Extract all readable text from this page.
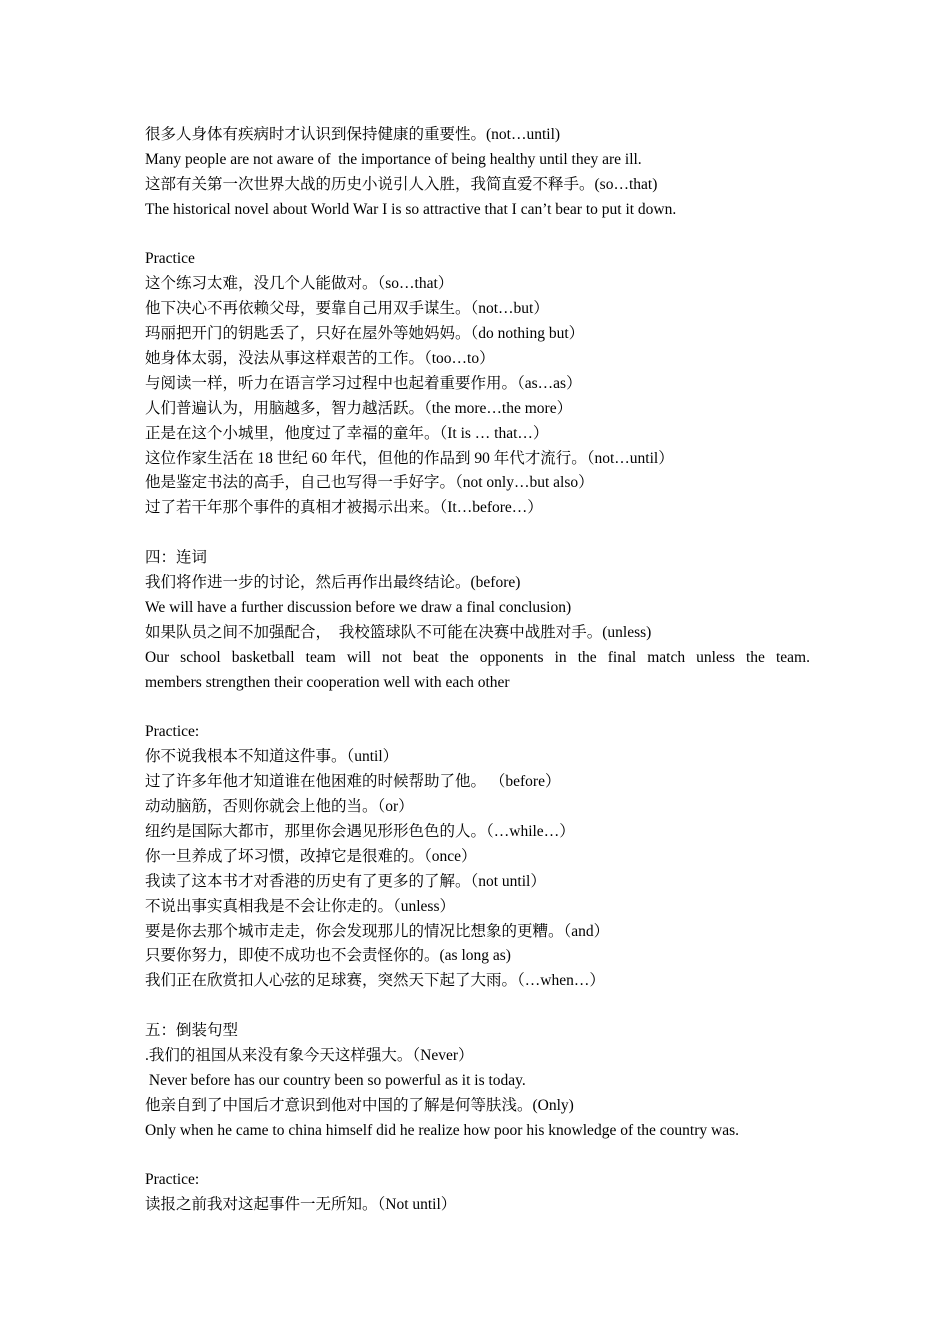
很多人身体有疾病时才认识到保持健康的重要性。(not…until)
Many people are not aware of  the importance of being healthy until they are ill.
这部有关第一次世界大战的历史小说引人入胜，我简直爱不释手。(so…that)
The historical novel about World War I is so attractive that I can’t bear to put it down.
Practice
这个练习太难，没几个人能做对。（so…that）
他下决心不再依赖父母，要靠自己用双手谋生。（not…but）
玛丽把开门的钥匙丢了，只好在屋外等她妈妈。（do nothing but）
她身体太弱，没法从事这样艰苦的工作。（too…to）
与阅读一样，听力在语言学习过程中也起着重要作用。（as…as）
人们普遍认为，用脑越多，智力越活跃。（the more…the more）
正是在这个小城里，他度过了幸福的童年。（It is … that…）
这位作家生活在 18 世纪 60 年代，但他的作品到 90 年代才流行。（not…until）
他是鉴定书法的高手，自己也写得一手好字。（not only…but also）
过了若干年那个事件的真相才被揭示出来。（It…before…）
四：连词
我们将作进一步的讨论，然后再作出最终结论。(before)
We will have a further discussion before we draw a final conclusion)
如果队员之间不加强配合，  我校篮球队不可能在决赛中战胜对手。(unless)
Our school basketball team will not beat the opponents in the final match unless the team.
members strengthen their cooperation well with each other
Practice:
你不说我根本不知道这件事。（until）
过了许多年他才知道谁在他困难的时候帮助了他。 （before）
动动脑筋，否则你就会上他的当。（or）
纽约是国际大都市，那里你会遇见形形色色的人。（…while…）
你一旦养成了坏习惯，改掉它是很难的。（once）
我读了这本书才对香港的历史有了更多的了解。（not until）
不说出事实真相我是不会让你走的。（unless）
要是你去那个城市走走，你会发现那儿的情况比想象的更糟。（and）
只要你努力，即使不成功也不会责怪你的。(as long as)
我们正在欣赏扣人心弦的足球赛，突然天下起了大雨。（…when…）
五：倒装句型
.我们的祖国从来没有象今天这样强大。（Never）
Never before has our country been so powerful as it is today.
他亲自到了中国后才意识到他对中国的了解是何等肤浅。(Only)
Only when he came to china himself did he realize how poor his knowledge of the country was.
Practice:
读报之前我对这起事件一无所知。（Not until）
